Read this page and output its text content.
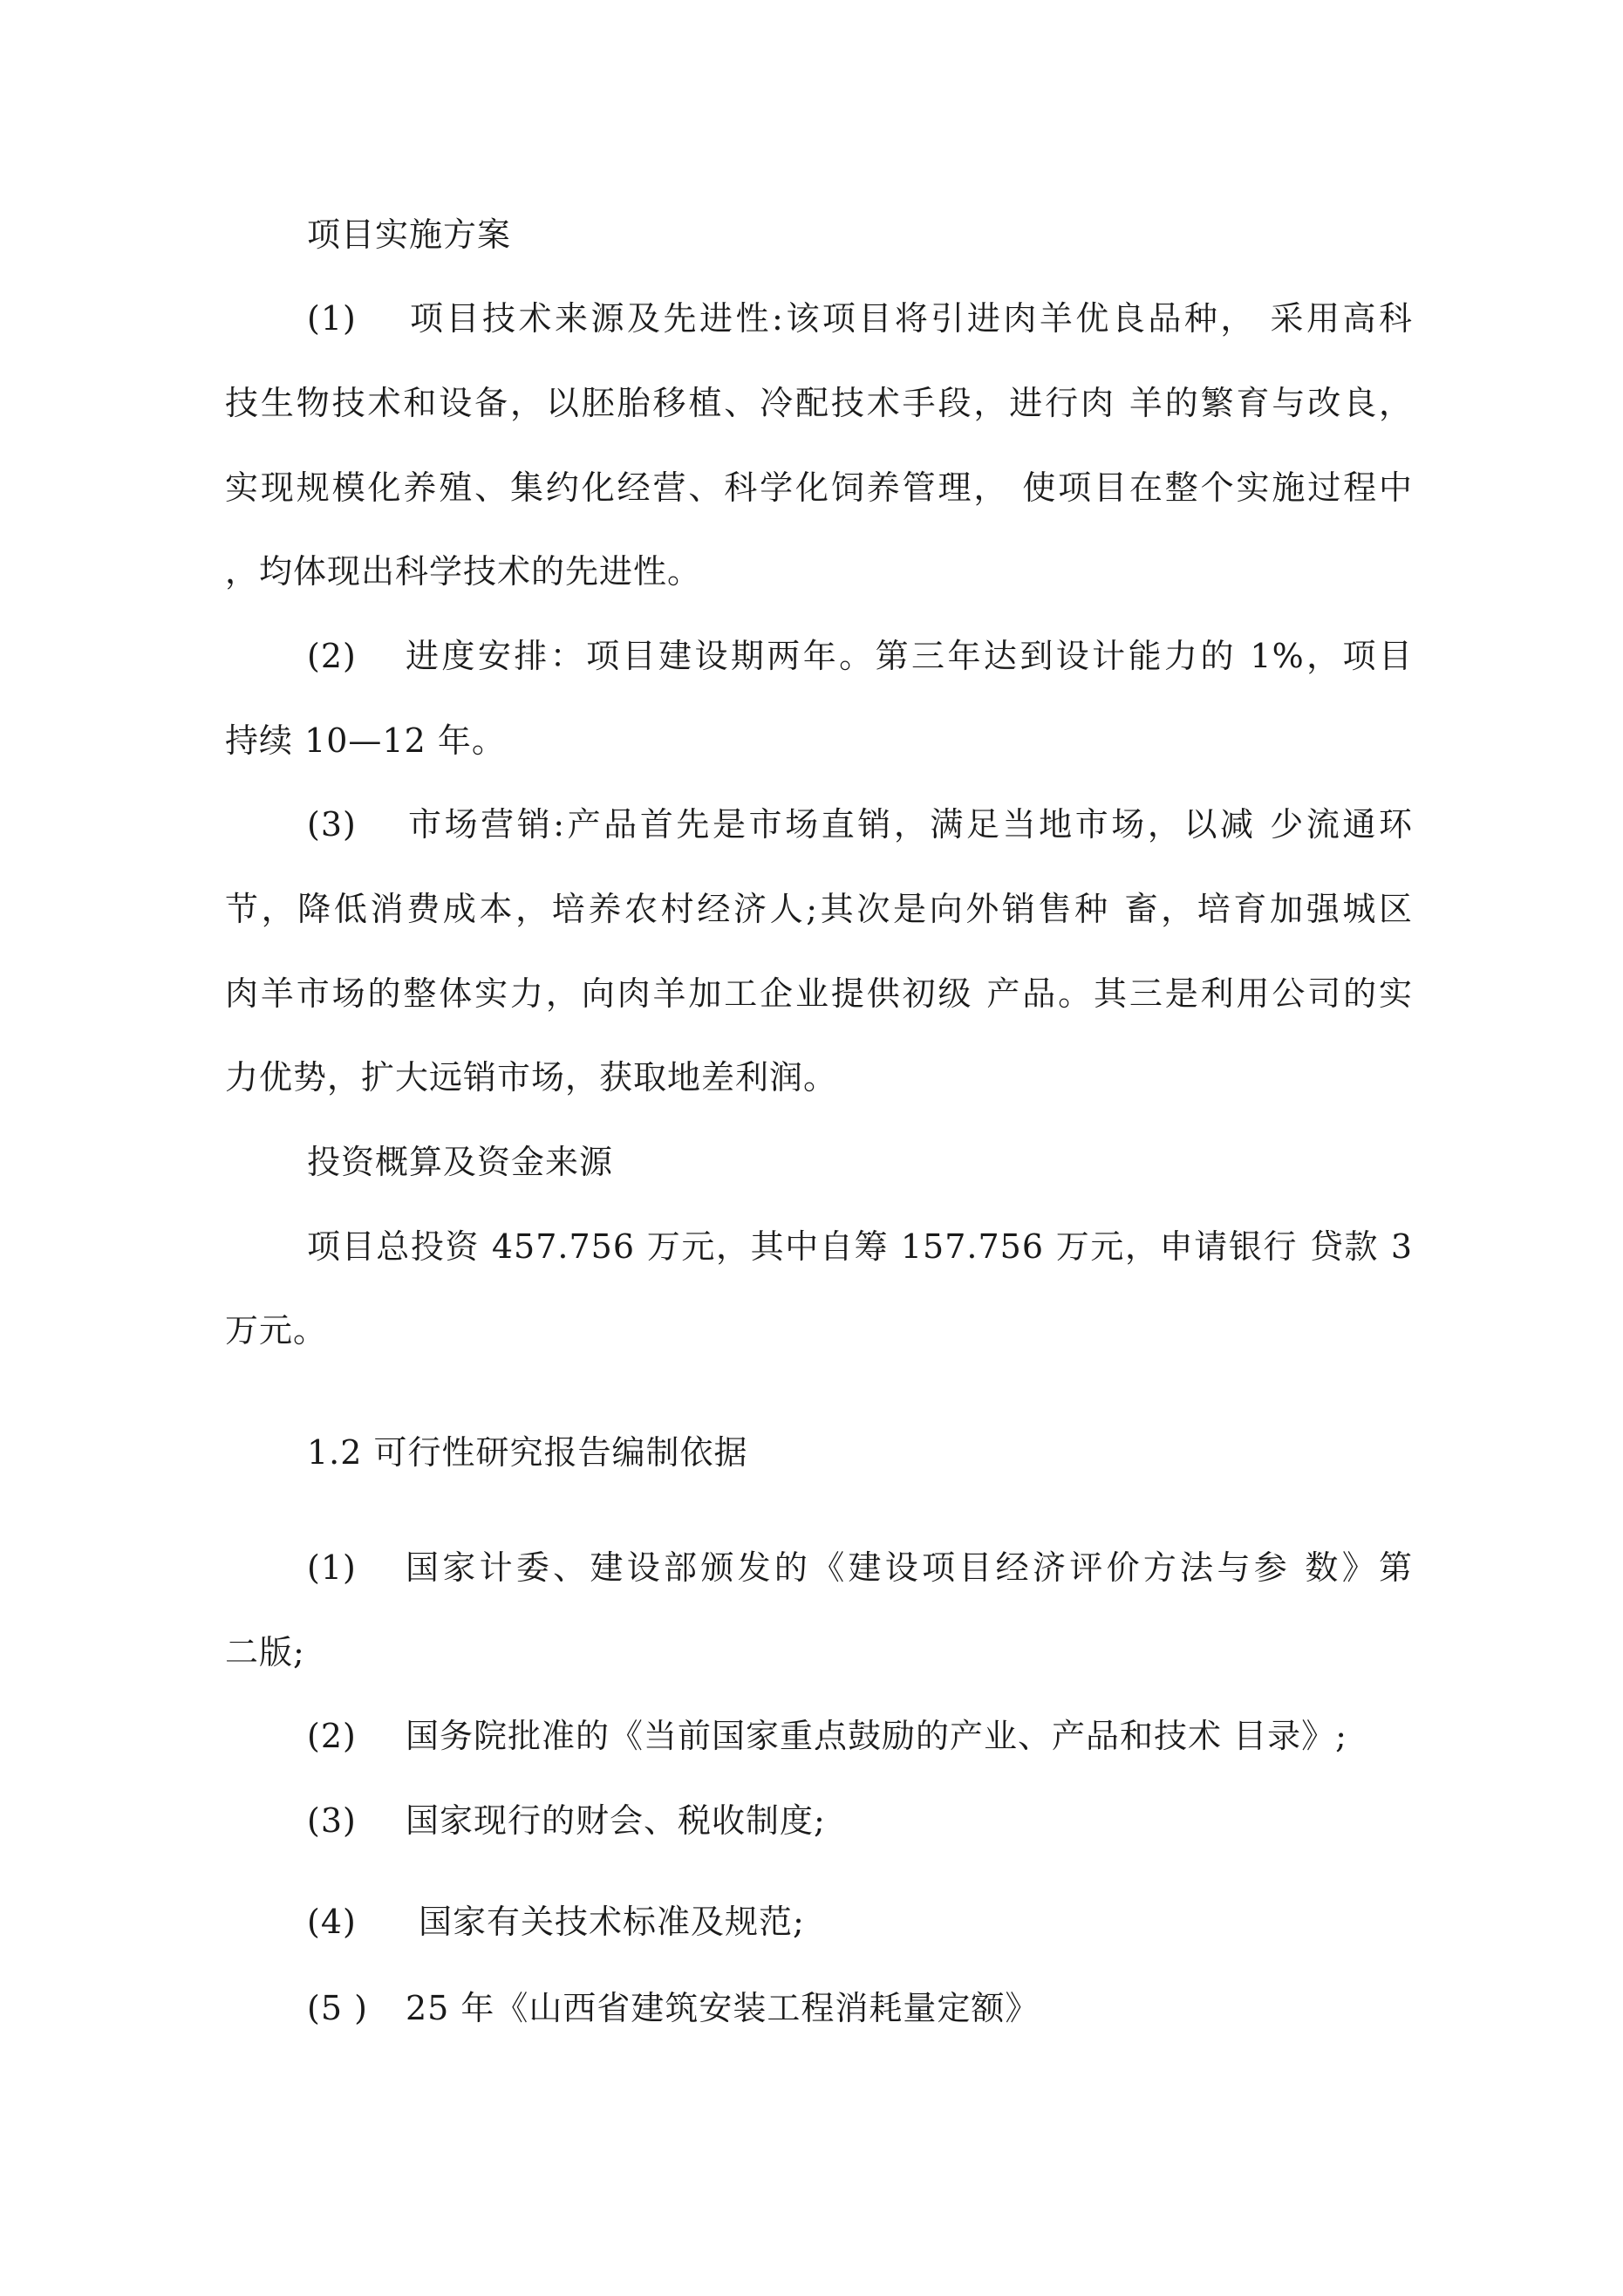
项目实施方案
(1) 项目技术来源及先进性:该项目将引进肉羊优良品种， 采用高科
技生物技术和设备，以胚胎移植、冷配技术手段，进行肉 羊的繁育与改良，
实现规模化养殖、集约化经营、科学化饲养管理， 使项目在整个实施过程中
，均体现出科学技术的先进性。
(2) 进度安排：项目建设期两年。第三年达到设计能力的 1%，项目
持续 10—12 年。
(3) 市场营销:产品首先是市场直销，满足当地市场，以减 少流通环
节，降低消费成本，培养农村经济人;其次是向外销售种 畜，培育加强城区
肉羊市场的整体实力，向肉羊加工企业提供初级 产品。其三是利用公司的实
力优势，扩大远销市场，获取地差利润。
投资概算及资金来源
项目总投资 457.756 万元，其中自筹 157.756 万元，申请银行 贷款 3
万元。
1.2 可行性研究报告编制依据
(1) 国家计委、建设部颁发的《建设项目经济评价方法与参 数》第
二版;
(2) 国务院批准的《当前国家重点鼓励的产业、产品和技术 目录》;
(3) 国家现行的财会、税收制度;
(4) 国家有关技术标准及规范;
(5 ) 25 年《山西省建筑安装工程消耗量定额》
